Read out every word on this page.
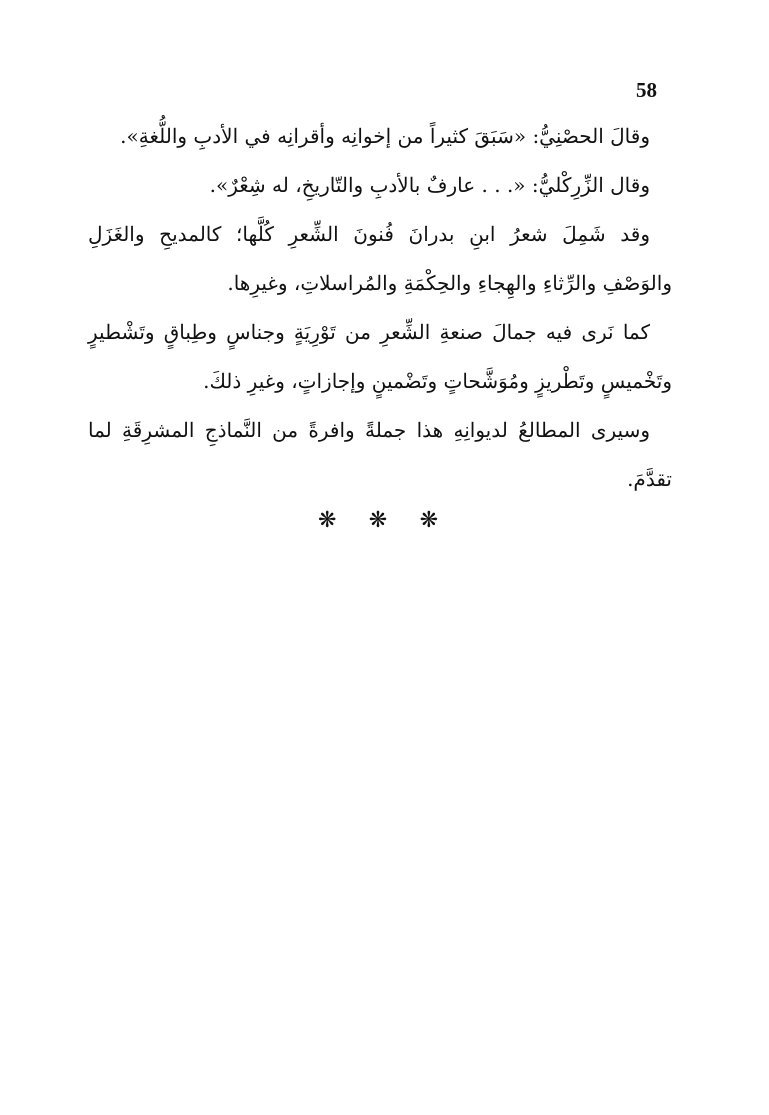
58

وقالَ الحصْنِيُّ: «سَبَقَ كثيراً من إخوانِه وأقرانِه في الأدبِ واللُّغةِ».

وقال الزِّرِكْليُّ: «. . . عارفٌ بالأدبِ والتّاريخِ، له شِعْرٌ».

وقد شَمِلَ شعرُ ابنِ بدرانَ فُنونَ الشِّعرِ كُلَّها؛ كالمديحِ والغَزَلِ والوَصْفِ والرِّثاءِ والهِجاءِ والحِكْمَةِ والمُراسلاتِ، وغيرِها.

كما نَرى فيه جمالَ صنعةِ الشِّعرِ من تَوْرِيَةٍ وجناسٍ وطِباقٍ وتَشْطيرٍ وتَخْميسٍ وتَطْريزٍ ومُوَشَّحاتٍ وتَضْمينٍ وإجازاتٍ، وغيرِ ذلكَ.

وسيرى المطالعُ لديوانِهِ هذا جملةً وافرةً من النَّماذجِ المشرِقَةِ لما تقدَّمَ.

❋ ❋ ❋
